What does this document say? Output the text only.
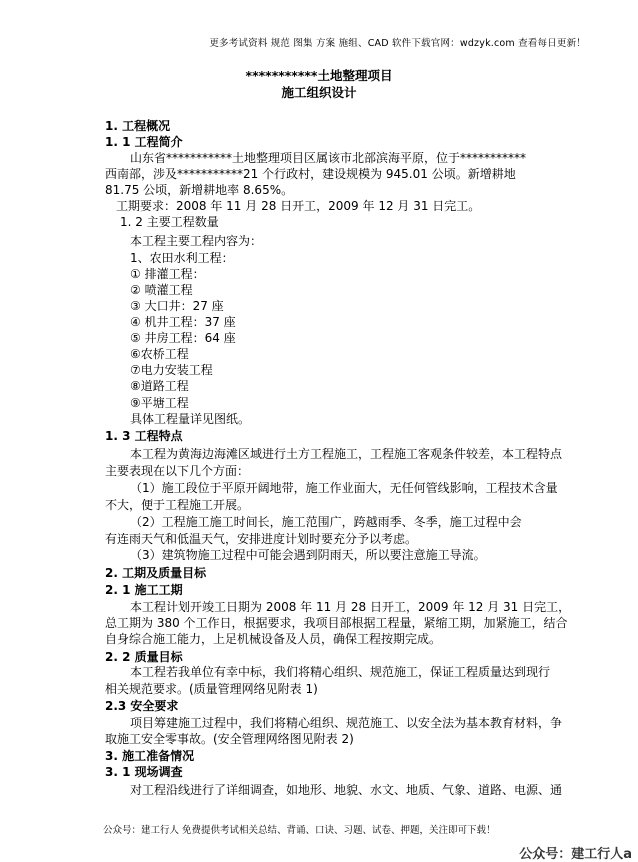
更多考试资料 规范 图集 方案 施组、CAD 软件下载官网：wdzyk.com 查看每日更新！
***********土地整理项目
施工组织设计
1. 工程概况
1. 1 工程简介
山东省***********土地整理项目区属该市北部滨海平原，位于***********
西南部，涉及***********21 个行政村，建设规模为 945.01 公顷。新增耕地
81.75 公顷，新增耕地率 8.65%。
工期要求：2008 年 11 月 28 日开工，2009 年 12 月 31 日完工。
1. 2 主要工程数量
本工程主要工程内容为：
1、农田水利工程：
① 排灌工程：
② 喷灌工程
③ 大口井：27 座
④ 机井工程：37 座
⑤ 井房工程：64 座
⑥农桥工程
⑦电力安装工程
⑧道路工程
⑨平塘工程
具体工程量详见图纸。
1. 3 工程特点
本工程为黄海边海滩区域进行土方工程施工，工程施工客观条件较差，本工程特点
主要表现在以下几个方面：
（1）施工段位于平原开阔地带，施工作业面大，无任何管线影响，工程技术含量
不大，便于工程施工开展。
（2）工程施工施工时间长，施工范围广，跨越雨季、冬季，施工过程中会
有连雨天气和低温天气，安排进度计划时要充分予以考虑。
（3）建筑物施工过程中可能会遇到阴雨天，所以要注意施工导流。
2. 工期及质量目标
2. 1 施工工期
本工程计划开竣工日期为 2008 年 11 月 28 日开工，2009 年 12 月 31 日完工，
总工期为 380 个工作日，根据要求，我项目部根据工程量，紧缩工期，加紧施工，结合
自身综合施工能力，上足机械设备及人员，确保工程按期完成。
2. 2 质量目标
本工程若我单位有幸中标，我们将精心组织、规范施工，保证工程质量达到现行
相关规范要求。(质量管理网络见附表 1)
2.3 安全要求
项目筹建施工过程中，我们将精心组织、规范施工、以安全法为基本教育材料，争
取施工安全零事故。(安全管理网络图见附表 2)
3. 施工准备情况
3. 1 现场调查
对工程沿线进行了详细调查，如地形、地貌、水文、地质、气象、道路、电源、通
公众号：建工行人 免费提供考试相关总结、背诵、口诀、习题、试卷、押题，关注即可下载！
公众号：建工行人a
